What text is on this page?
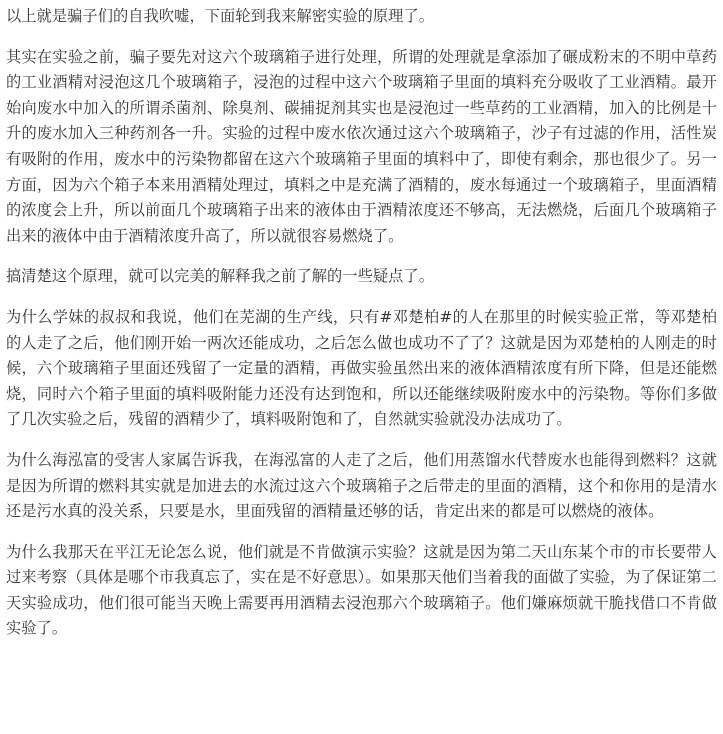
以上就是骗子们的自我吹嘘，下面轮到我来解密实验的原理了。

其实在实验之前，骗子要先对这六个玻璃箱子进行处理，所谓的处理就是拿添加了碾成粉末的不明中草药的工业酒精对浸泡这几个玻璃箱子，浸泡的过程中这六个玻璃箱子里面的填料充分吸收了工业酒精。最开始向废水中加入的所谓杀菌剂、除臭剂、碳捕捉剂其实也是浸泡过一些草药的工业酒精，加入的比例是十升的废水加入三种药剂各一升。实验的过程中废水依次通过这六个玻璃箱子，沙子有过滤的作用，活性炭有吸附的作用，废水中的污染物都留在这六个玻璃箱子里面的填料中了，即使有剩余，那也很少了。另一方面，因为六个箱子本来用酒精处理过，填料之中是充满了酒精的，废水每通过一个玻璃箱子，里面酒精的浓度会上升，所以前面几个玻璃箱子出来的液体由于酒精浓度还不够高，无法燃烧，后面几个玻璃箱子出来的液体中由于酒精浓度升高了，所以就很容易燃烧了。

搞清楚这个原理，就可以完美的解释我之前了解的一些疑点了。

为什么学妹的叔叔和我说，他们在芜湖的生产线，只有#邓楚柏#的人在那里的时候实验正常，等邓楚柏的人走了之后，他们刚开始一两次还能成功，之后怎么做也成功不了了？这就是因为邓楚柏的人刚走的时候，六个玻璃箱子里面还残留了一定量的酒精，再做实验虽然出来的液体酒精浓度有所下降，但是还能燃烧，同时六个箱子里面的填料吸附能力还没有达到饱和，所以还能继续吸附废水中的污染物。等你们多做了几次实验之后，残留的酒精少了，填料吸附饱和了，自然就实验就没办法成功了。

为什么海泓富的受害人家属告诉我，在海泓富的人走了之后，他们用蒸馏水代替废水也能得到燃料？这就是因为所谓的燃料其实就是加进去的水流过这六个玻璃箱子之后带走的里面的酒精，这个和你用的是清水还是污水真的没关系，只要是水，里面残留的酒精量还够的话，肯定出来的都是可以燃烧的液体。

为什么我那天在平江无论怎么说，他们就是不肯做演示实验？这就是因为第二天山东某个市的市长要带人过来考察（具体是哪个市我真忘了，实在是不好意思）。如果那天他们当着我的面做了实验，为了保证第二天实验成功，他们很可能当天晚上需要再用酒精去浸泡那六个玻璃箱子。他们嫌麻烦就干脆找借口不肯做实验了。
